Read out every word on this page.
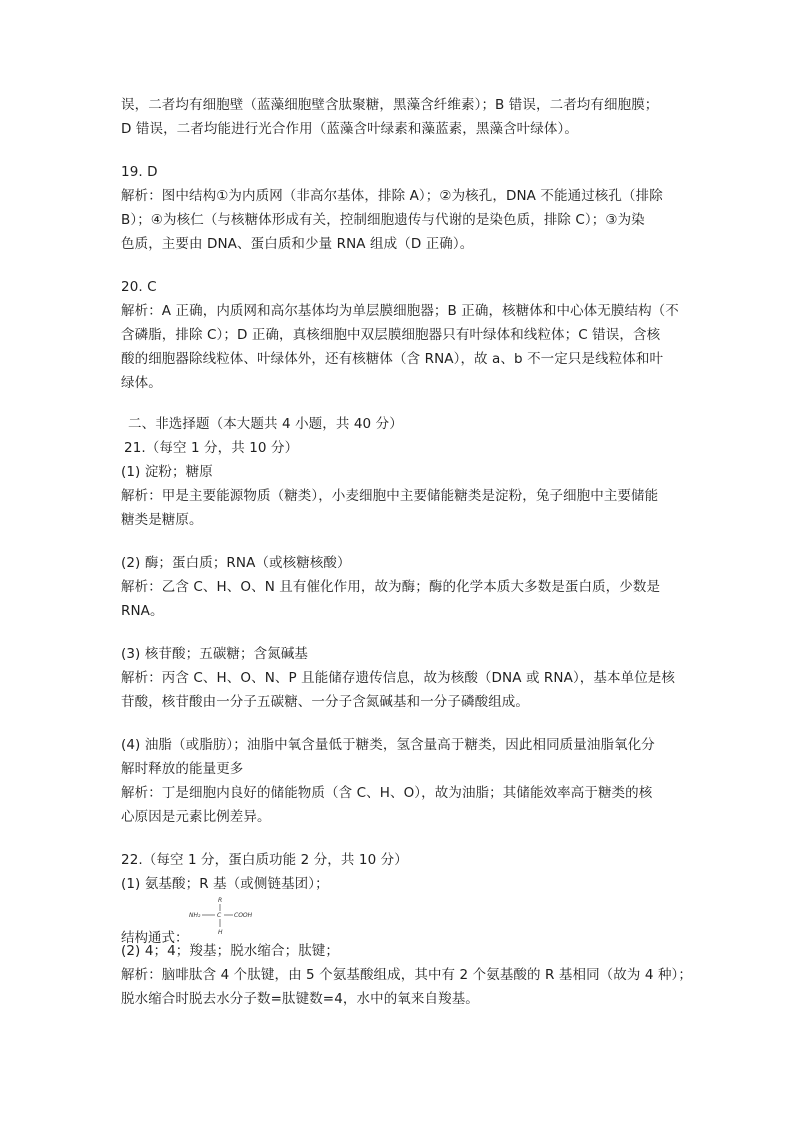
误，二者均有细胞壁（蓝藻细胞壁含肽聚糖，黑藻含纤维素）；B 错误，二者均有细胞膜；
D 错误，二者均能进行光合作用（蓝藻含叶绿素和藻蓝素，黑藻含叶绿体）。
19. D
解析：图中结构①为内质网（非高尔基体，排除 A）；②为核孔，DNA 不能通过核孔（排除
B）；④为核仁（与核糖体形成有关，控制细胞遗传与代谢的是染色质，排除 C）；③为染
色质，主要由 DNA、蛋白质和少量 RNA 组成（D 正确）。
20. C
解析：A 正确，内质网和高尔基体均为单层膜细胞器；B 正确，核糖体和中心体无膜结构（不
含磷脂，排除 C）；D 正确，真核细胞中双层膜细胞器只有叶绿体和线粒体；C 错误，含核
酸的细胞器除线粒体、叶绿体外，还有核糖体（含 RNA），故 a、b 不一定只是线粒体和叶
绿体。
二、非选择题（本大题共 4 小题，共 40 分）
21.（每空 1 分，共 10 分）
(1) 淀粉；糖原
解析：甲是主要能源物质（糖类），小麦细胞中主要储能糖类是淀粉，兔子细胞中主要储能
糖类是糖原。
(2) 酶；蛋白质；RNA（或核糖核酸）
解析：乙含 C、H、O、N 且有催化作用，故为酶；酶的化学本质大多数是蛋白质，少数是
RNA。
(3) 核苷酸；五碳糖；含氮碱基
解析：丙含 C、H、O、N、P 且能储存遗传信息，故为核酸（DNA 或 RNA），基本单位是核
苷酸，核苷酸由一分子五碳糖、一分子含氮碱基和一分子磷酸组成。
(4) 油脂（或脂肪）；油脂中氧含量低于糖类，氢含量高于糖类，因此相同质量油脂氧化分
解时释放的能量更多
解析：丁是细胞内良好的储能物质（含 C、H、O），故为油脂；其储能效率高于糖类的核
心原因是元素比例差异。
22.（每空 1 分，蛋白质功能 2 分，共 10 分）
(1) 氨基酸；R 基（或侧链基团）；
结构通式：
R
NH₂	C COOH
H
(2) 4；4；羧基；脱水缩合；肽键；
解析：脑啡肽含 4 个肽键，由 5 个氨基酸组成，其中有 2 个氨基酸的 R 基相同（故为 4 种）；
脱水缩合时脱去水分子数=肽键数=4，水中的氧来自羧基。
